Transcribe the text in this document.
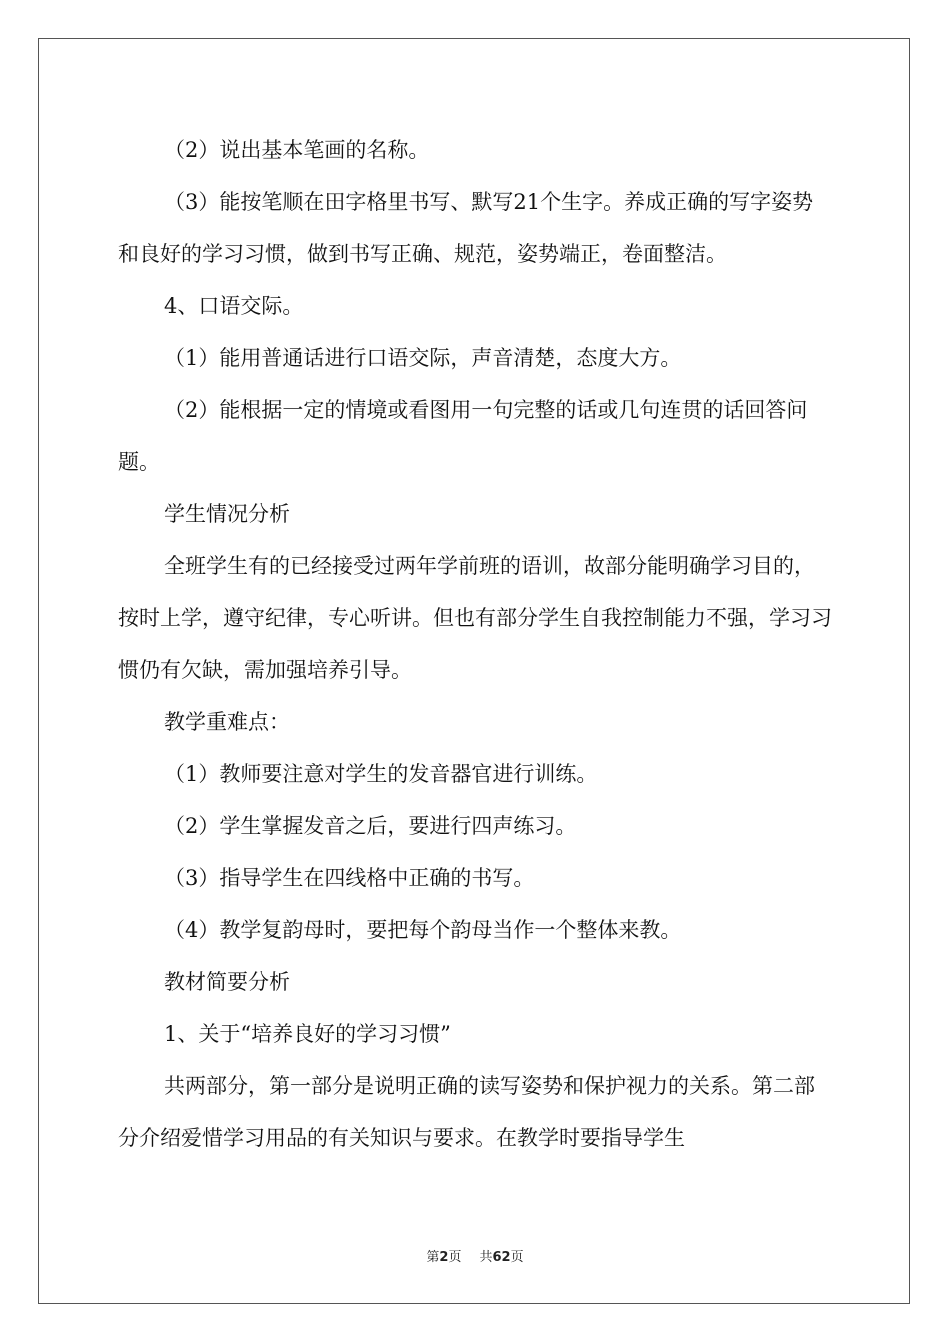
（2）说出基本笔画的名称。

（3）能按笔顺在田字格里书写、默写21个生字。养成正确的写字姿势和良好的学习习惯，做到书写正确、规范，姿势端正，卷面整洁。

4、口语交际。

（1）能用普通话进行口语交际，声音清楚，态度大方。

（2）能根据一定的情境或看图用一句完整的话或几句连贯的话回答问题。

学生情况分析

全班学生有的已经接受过两年学前班的语训，故部分能明确学习目的，按时上学，遵守纪律，专心听讲。但也有部分学生自我控制能力不强，学习习惯仍有欠缺，需加强培养引导。

教学重难点：

（1）教师要注意对学生的发音器官进行训练。

（2）学生掌握发音之后，要进行四声练习。

（3）指导学生在四线格中正确的书写。

（4）教学复韵母时，要把每个韵母当作一个整体来教。

教材简要分析

1、关于“培养良好的学习习惯”

共两部分，第一部分是说明正确的读写姿势和保护视力的关系。第二部分介绍爱惜学习用品的有关知识与要求。在教学时要指导学生

第2页 共62页
